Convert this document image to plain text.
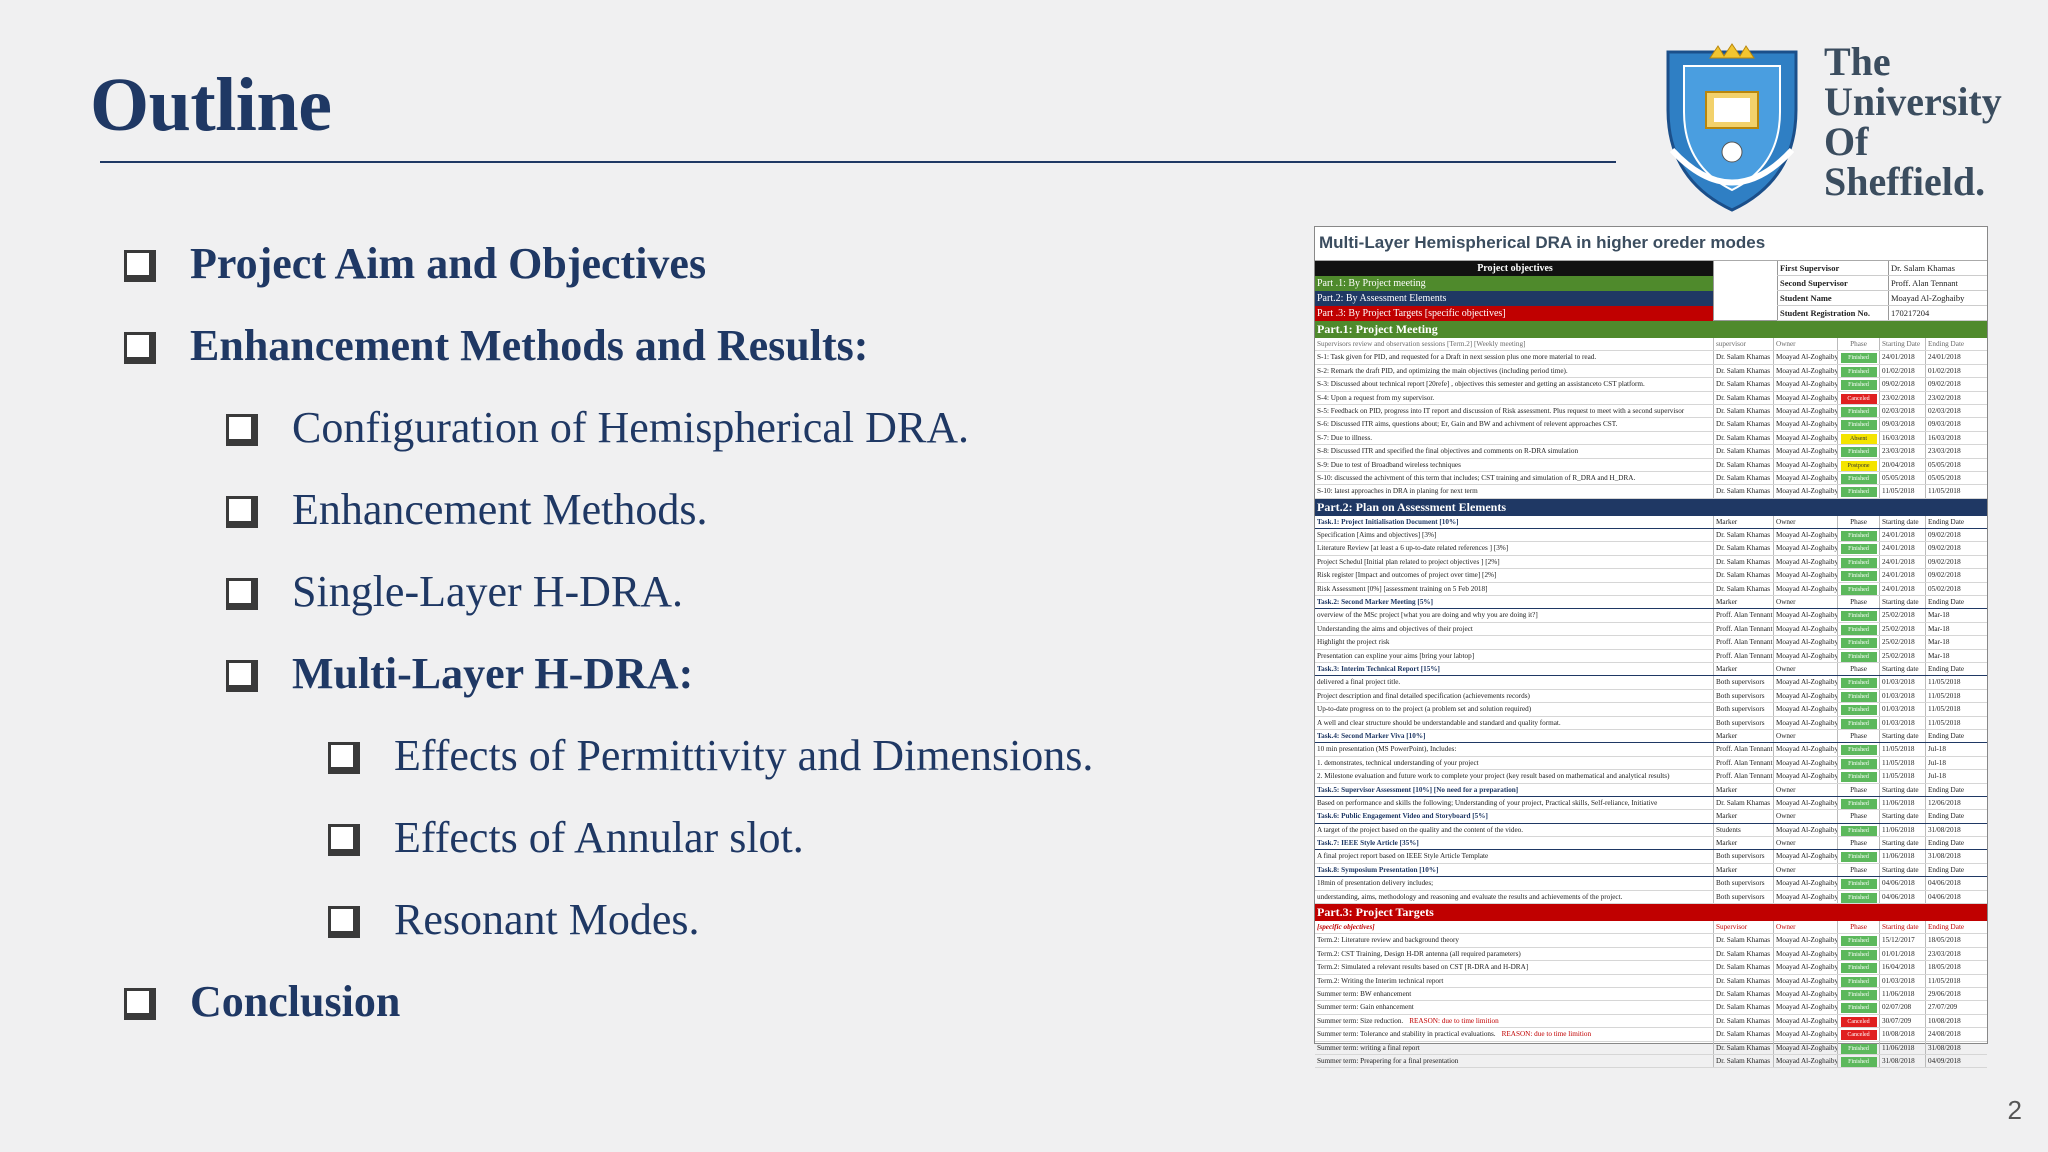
Outline
The
University
Of
Sheffield.
Project Aim and Objectives
Enhancement Methods and Results:
Configuration of Hemispherical DRA.
Enhancement Methods.
Single-Layer H-DRA.
Multi-Layer H-DRA:
Effects of Permittivity and Dimensions.
Effects of Annular slot.
Resonant Modes.
Conclusion
Multi-Layer Hemispherical DRA in higher oreder modes
Project objectives
Part .1: By Project meeting
Part.2: By Assessment Elements
Part .3: By Project Targets [specific objectives]
First Supervisor	Dr. Salam Khamas
Second Supervisor	Proff. Alan Tennant
Student Name	Moayad Al-Zoghaiby
Student Registration No.	170217204
Part.1: Project Meeting
Supervisors review and observation sessions [Term.2] [Weekly meeting]	supervisor	Owner	Phase	Starting Date	Ending Date
S-1: Task given for PID, and requested for a Draft in next session plus one more material to read.	Dr. Salam Khamas Moayad Al-Zoghaiby	Finished	24/01/2018	24/01/2018
S-2: Remark the draft PID, and optimizing the main objectives (including period time).	Dr. Salam Khamas Moayad Al-Zoghaiby	Finished	01/02/2018	01/02/2018
S-3: Discussed about technical report [20refe] , objectives this semester and getting an assistanceto CST platform.	Dr. Salam Khamas Moayad Al-Zoghaiby	Finished	09/02/2018	09/02/2018
S-4: Upon a request from my supervisor.	Dr. Salam Khamas Moayad Al-Zoghaiby	Canceled	23/02/2018	23/02/2018
S-5: Feedback on PID, progress into IT report and discussion of Risk assessment. Plus request to meet with a second supervisor	Dr. Salam Khamas Moayad Al-Zoghaiby	Finished	02/03/2018	02/03/2018
S-6: Discussed ITR aims, questions about; Er, Gain and BW and achivment of relevent approaches CST.	Dr. Salam Khamas Moayad Al-Zoghaiby	Finished	09/03/2018	09/03/2018
S-7: Due to illness.	Dr. Salam Khamas Moayad Al-Zoghaiby	Absent	16/03/2018	16/03/2018
S-8: Discussed ITR and specified the final objectives and comments on R-DRA simulation	Dr. Salam Khamas Moayad Al-Zoghaiby	Finished	23/03/2018	23/03/2018
S-9: Due to test of Broadband wireless techniques	Dr. Salam Khamas Moayad Al-Zoghaiby	Postpone	20/04/2018	05/05/2018
S-10: discussed the achivment of this term that includes; CST training and simulation of R_DRA and H_DRA.	Dr. Salam Khamas Moayad Al-Zoghaiby	Finished	05/05/2018	05/05/2018
S-10: latest approaches in DRA in planing for next term	Dr. Salam Khamas Moayad Al-Zoghaiby	Finished	11/05/2018	11/05/2018
Part.2: Plan on Assessment Elements
Task.1: Project Initialisation Document [10%]	Marker	Owner	Phase	Starting date	Ending Date
Specification [Aims and objectives] [3%]	Dr. Salam Khamas Moayad Al-Zoghaiby	Finished	24/01/2018	09/02/2018
Literature Review [at least a 6 up-to-date related references ] [3%]	Dr. Salam Khamas Moayad Al-Zoghaiby	Finished	24/01/2018	09/02/2018
Project Schedul [Initial plan related to project objectives ] [2%]	Dr. Salam Khamas Moayad Al-Zoghaiby	Finished	24/01/2018	09/02/2018
Risk register [Impact and outcomes of project over time] [2%]	Dr. Salam Khamas Moayad Al-Zoghaiby	Finished	24/01/2018	09/02/2018
Risk Assessment [0%] [assessment training on 5 Feb 2018]	Dr. Salam Khamas Moayad Al-Zoghaiby	Finished	24/01/2018	05/02/2018
Task.2: Second Marker Meeting [5%]	Marker	Owner	Phase	Starting date	Ending Date
overview of the MSc project [what you are doing and why you are doing it?]	Proff. Alan Tennant Moayad Al-Zoghaiby	Finished	25/02/2018	Mar-18
Understanding the aims and objectives of their project	Proff. Alan Tennant Moayad Al-Zoghaiby	Finished	25/02/2018	Mar-18
Highlight the project risk	Proff. Alan Tennant Moayad Al-Zoghaiby	Finished	25/02/2018	Mar-18
Presentation can expline your aims [bring your labtop]	Proff. Alan Tennant Moayad Al-Zoghaiby	Finished	25/02/2018	Mar-18
Task.3: Interim Technical Report [15%]	Marker	Owner	Phase	Starting date	Ending Date
delivered a final project title.	Both supervisors	Moayad Al-Zoghaiby	Finished	01/03/2018	11/05/2018
Project description and final detailed specification (achievements records)	Both supervisors	Moayad Al-Zoghaiby	Finished	01/03/2018	11/05/2018
Up-to-date progress on to the project (a problem set and solution required)	Both supervisors	Moayad Al-Zoghaiby	Finished	01/03/2018	11/05/2018
A well and clear structure should be understandable and standard and quality format.	Both supervisors	Moayad Al-Zoghaiby	Finished	01/03/2018	11/05/2018
Task.4: Second Marker Viva [10%]	Marker	Owner	Phase	Starting date	Ending Date
10 min presentation (MS PowerPoint), Includes:	Proff. Alan Tennant Moayad Al-Zoghaiby	Finished	11/05/2018	Jul-18
1. demonstrates, technical understanding of your project	Proff. Alan Tennant Moayad Al-Zoghaiby	Finished	11/05/2018	Jul-18
2. Milestone evaluation and future work to complete your project (key result based on mathematical and analytical results)	Proff. Alan Tennant Moayad Al-Zoghaiby	Finished	11/05/2018	Jul-18
Task.5: Supervisor Assessment [10%] [No need for a preparation]	Marker	Owner	Phase	Starting date	Ending Date
Based on performance and skills the following; Understanding of your project, Practical skills, Self-reliance, Initiative	Dr. Salam Khamas Moayad Al-Zoghaiby	Finished	11/06/2018	12/06/2018
Task.6: Public Engagement Video and Storyboard [5%]	Marker	Owner	Phase	Starting date	Ending Date
A target of the project based on the quality and the content of the video.	Students	Moayad Al-Zoghaiby	Finished	11/06/2018	31/08/2018
Task.7: IEEE Style Article [35%]	Marker	Owner	Phase	Starting date	Ending Date
A final project report based on IEEE Style Article Template	Both supervisors	Moayad Al-Zoghaiby	Finished	11/06/2018	31/08/2018
Task.8: Symposium Presentation [10%]	Marker	Owner	Phase	Starting date	Ending Date
18min of presentation delivery includes;	Both supervisors	Moayad Al-Zoghaiby	Finished	04/06/2018	04/06/2018
understanding, aims, methodology and reasoning and evaluate the results and achievements of the project.	Both supervisors	Moayad Al-Zoghaiby	Finished	04/06/2018	04/06/2018
Part.3: Project Targets
[specific objectives]	Supervisor	Owner	Phase	Starting date	Ending Date
Term.2: Literature review and background theory	Dr. Salam Khamas Moayad Al-Zoghaiby	Finished	15/12/2017	18/05/2018
Term.2: CST Training, Design H-DR antenna (all required parameters)	Dr. Salam Khamas Moayad Al-Zoghaiby	Finished	01/01/2018	23/03/2018
Term.2: Simulated a relevant results based on CST [R-DRA and H-DRA]	Dr. Salam Khamas Moayad Al-Zoghaiby	Finished	16/04/2018	18/05/2018
Term.2: Writing the Interim technical report	Dr. Salam Khamas Moayad Al-Zoghaiby	Finished	01/03/2018	11/05/2018
Summer term: BW enhancement	Dr. Salam Khamas Moayad Al-Zoghaiby	Finished	11/06/2018	29/06/2018
Summer term: Gain enhancement	Dr. Salam Khamas Moayad Al-Zoghaiby	Finished	02/07/208	27/07/209
Summer term: Size reduction. REASON: due to time limition	Dr. Salam Khamas Moayad Al-Zoghaiby	Canceled	30/07/209	10/08/2018
Summer term: Tolerance and stability in practical evaluations. REASON: due to time limition	Dr. Salam Khamas Moayad Al-Zoghaiby	Canceled	10/08/2018	24/08/2018
Summer term: writing a final report	Dr. Salam Khamas Moayad Al-Zoghaiby	Finished	11/06/2018	31/08/2018
Summer term: Preapering for a final presentation	Dr. Salam Khamas Moayad Al-Zoghaiby	Finished	31/08/2018	04/09/2018
2
